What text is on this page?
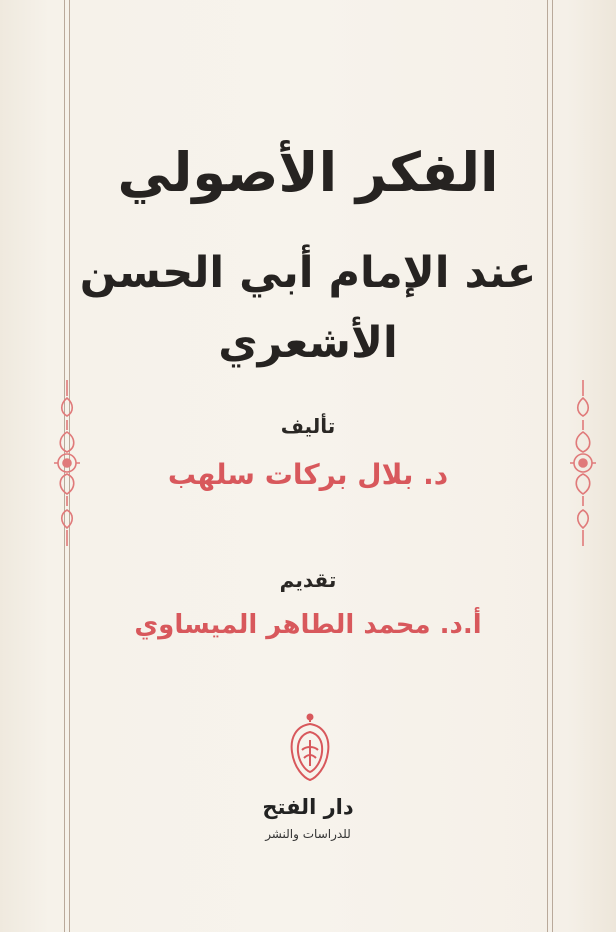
الفكر الأصولي
عند الإمام أبي الحسن الأشعري
تأليف
د. بلال بركات سلهب
تقديم
أ.د. محمد الطاهر الميساوي
دار الفتح
للدراسات والنشر
